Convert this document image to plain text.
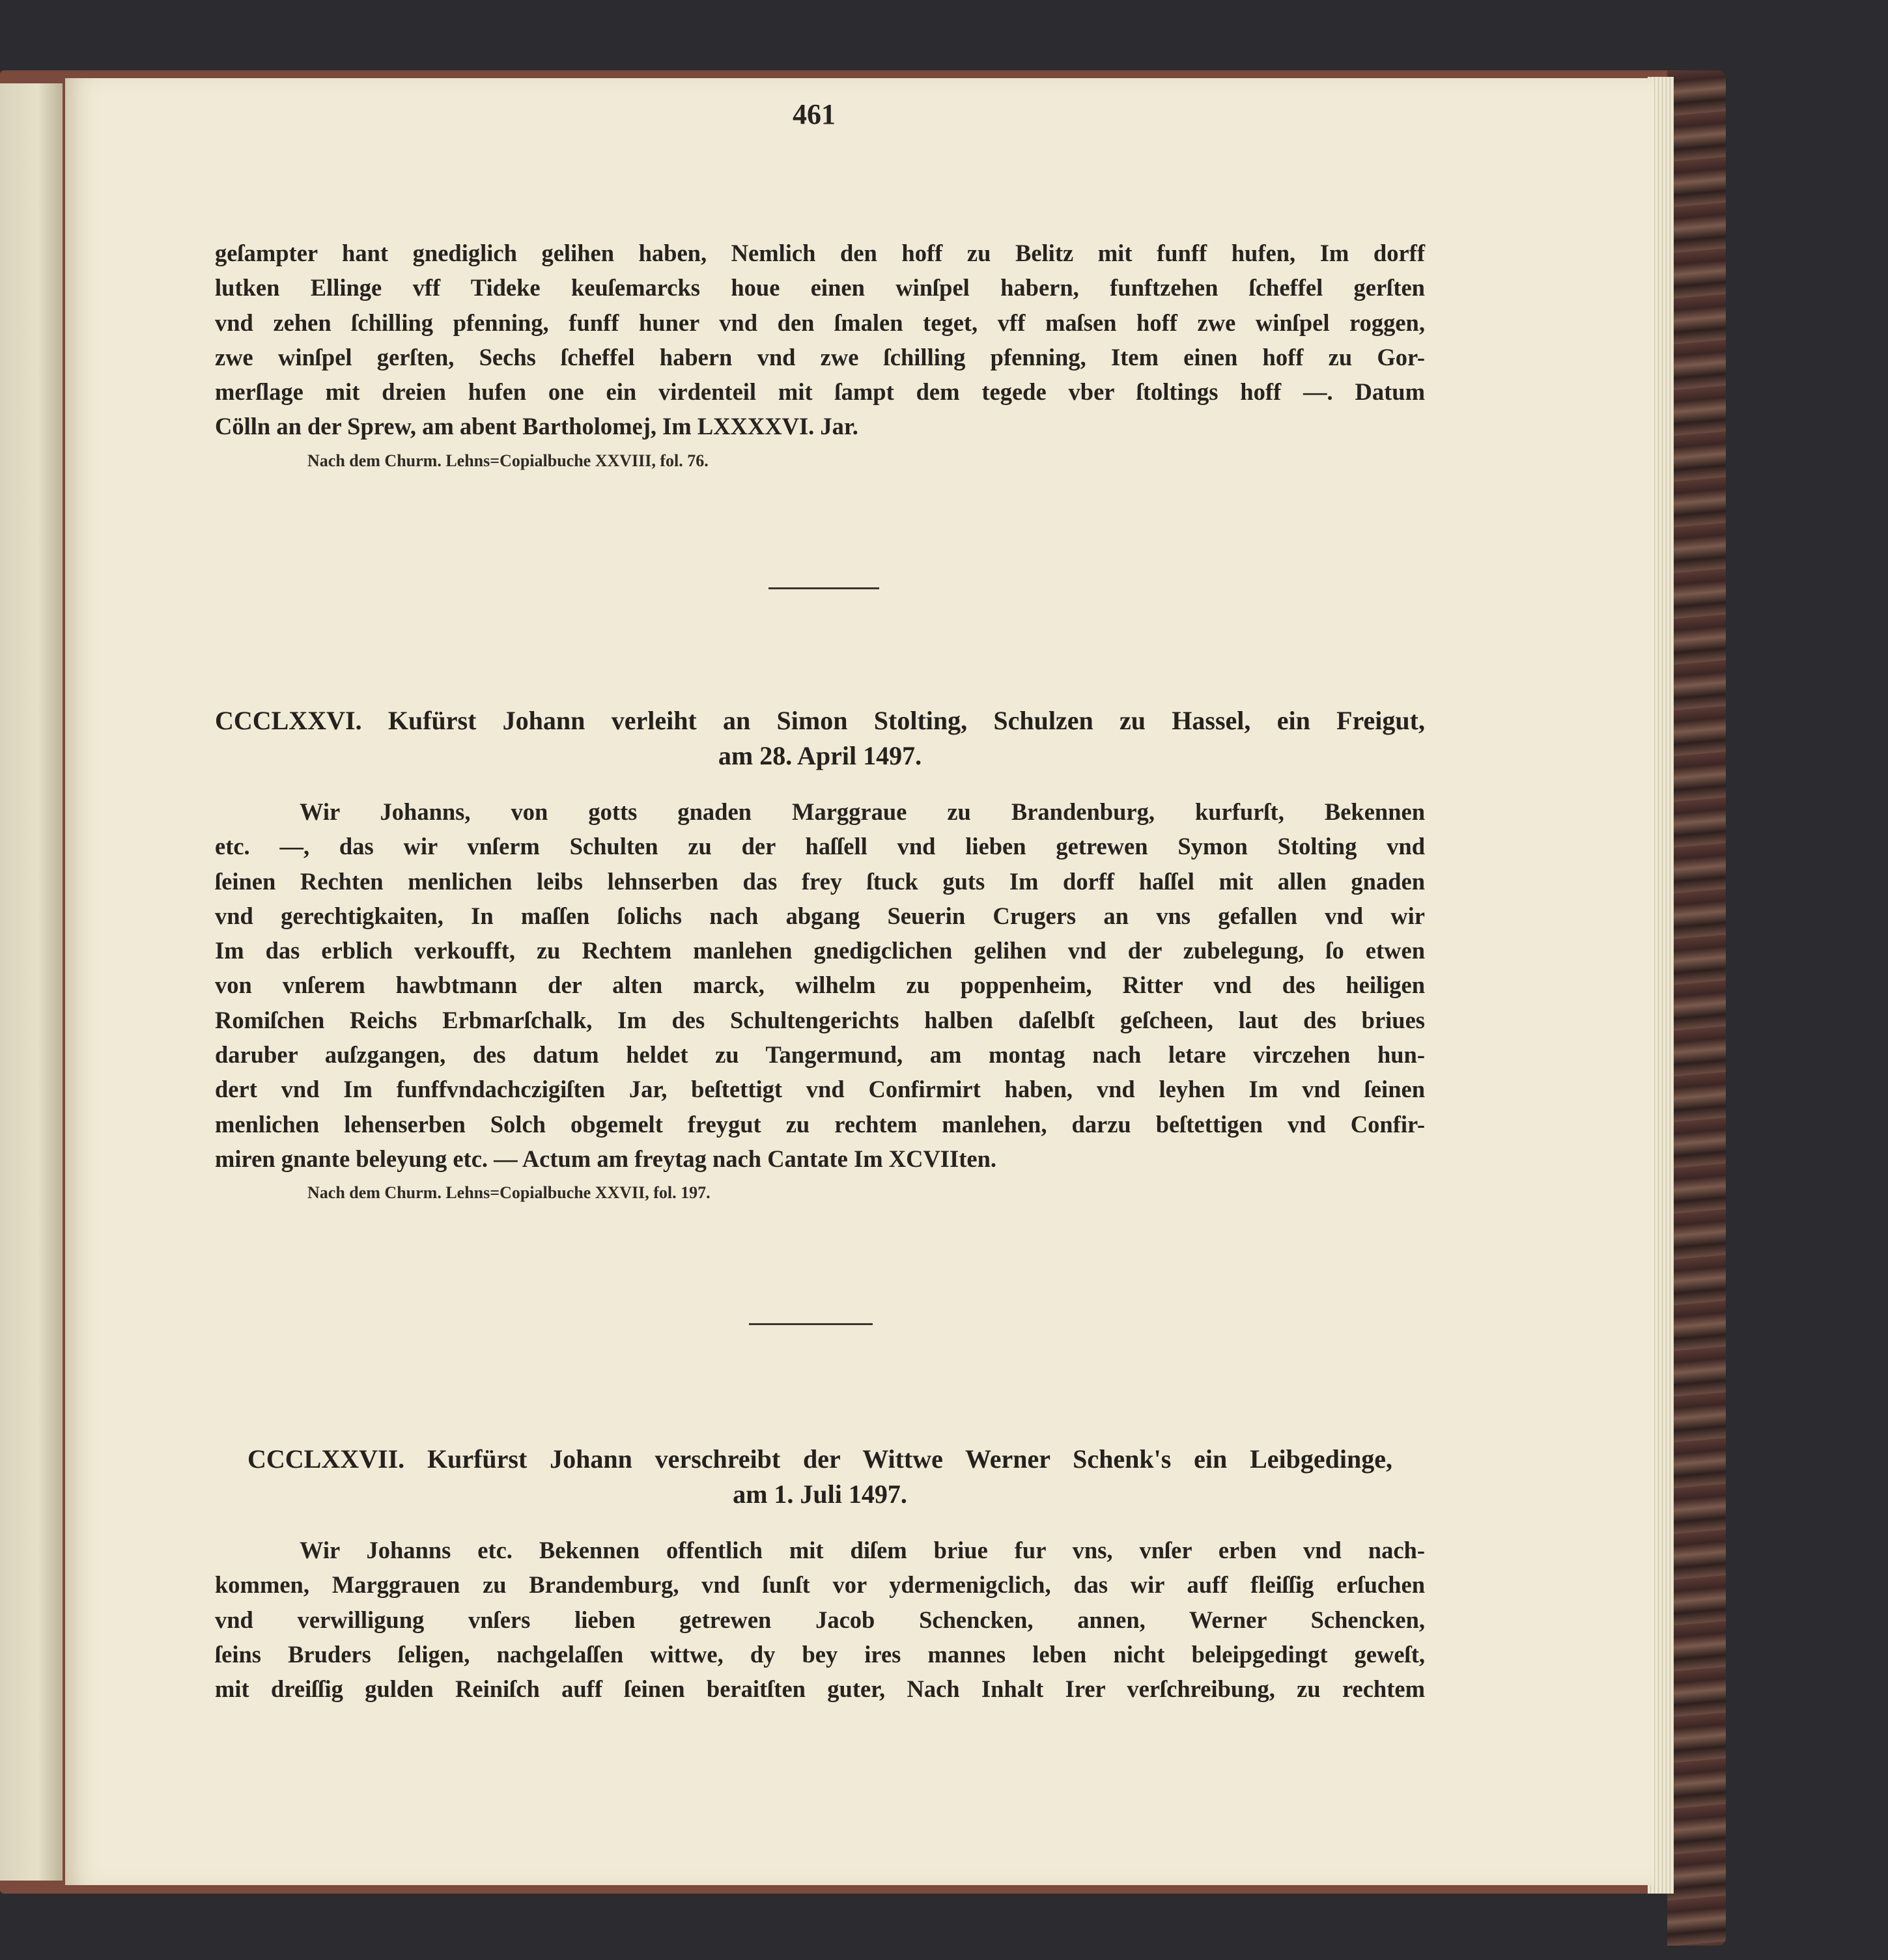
461
geſampter hant gnediglich gelihen haben, Nemlich den hoff zu Belitz mit funff hufen, Im dorff
lutken Ellinge vff Tideke keuſemarcks houe einen winſpel habern, funftzehen ſcheffel gerſten
vnd zehen ſchilling pfenning, funff huner vnd den ſmalen teget, vff maſsen hoff zwe winſpel roggen,
zwe winſpel gerſten, Sechs ſcheffel habern vnd zwe ſchilling pfenning, Item einen hoff zu Gor-
merſlage mit dreien hufen one ein virdenteil mit ſampt dem tegede vber ſtoltings hoff —. Datum
Cölln an der Sprew, am abent Bartholomej, Im LXXXXVI. Jar.
Nach dem Churm. Lehns=Copialbuche XXVIII, fol. 76.
CCCLXXVI. Kufürst Johann verleiht an Simon Stolting, Schulzen zu Hassel, ein Freigut,
am 28. April 1497.
Wir Johanns, von gotts gnaden Marggraue zu Brandenburg, kurfurſt, Bekennen
etc. —, das wir vnſerm Schulten zu der haſſell vnd lieben getrewen Symon Stolting vnd
ſeinen Rechten menlichen leibs lehnserben das frey ſtuck guts Im dorff haſſel mit allen gnaden
vnd gerechtigkaiten, In maſſen ſolichs nach abgang Seuerin Crugers an vns gefallen vnd wir
Im das erblich verkoufft, zu Rechtem manlehen gnedigclichen gelihen vnd der zubelegung, ſo etwen
von vnſerem hawbtmann der alten marck, wilhelm zu poppenheim, Ritter vnd des heiligen
Romiſchen Reichs Erbmarſchalk, Im des Schultengerichts halben daſelbſt geſcheen, laut des briues
daruber auſzgangen, des datum heldet zu Tangermund, am montag nach letare virczehen hun-
dert vnd Im funffvndachczigiſten Jar, beſtettigt vnd Confirmirt haben, vnd leyhen Im vnd ſeinen
menlichen lehenserben Solch obgemelt freygut zu rechtem manlehen, darzu beſtettigen vnd Confir-
miren gnante beleyung etc. — Actum am freytag nach Cantate Im XCVIIten.
Nach dem Churm. Lehns=Copialbuche XXVII, fol. 197.
CCCLXXVII. Kurfürst Johann verschreibt der Wittwe Werner Schenk's ein Leibgedinge,
am 1. Juli 1497.
Wir Johanns etc. Bekennen offentlich mit diſem briue fur vns, vnſer erben vnd nach-
kommen, Marggrauen zu Brandemburg, vnd ſunſt vor ydermenigclich, das wir auff fleiſſig erſuchen
vnd verwilligung vnſers lieben getrewen Jacob Schencken, annen, Werner Schencken,
ſeins Bruders ſeligen, nachgelaſſen wittwe, dy bey ires mannes leben nicht beleipgedingt geweſt,
mit dreiſſig gulden Reiniſch auff ſeinen beraitſten guter, Nach Inhalt Irer verſchreibung, zu rechtem
